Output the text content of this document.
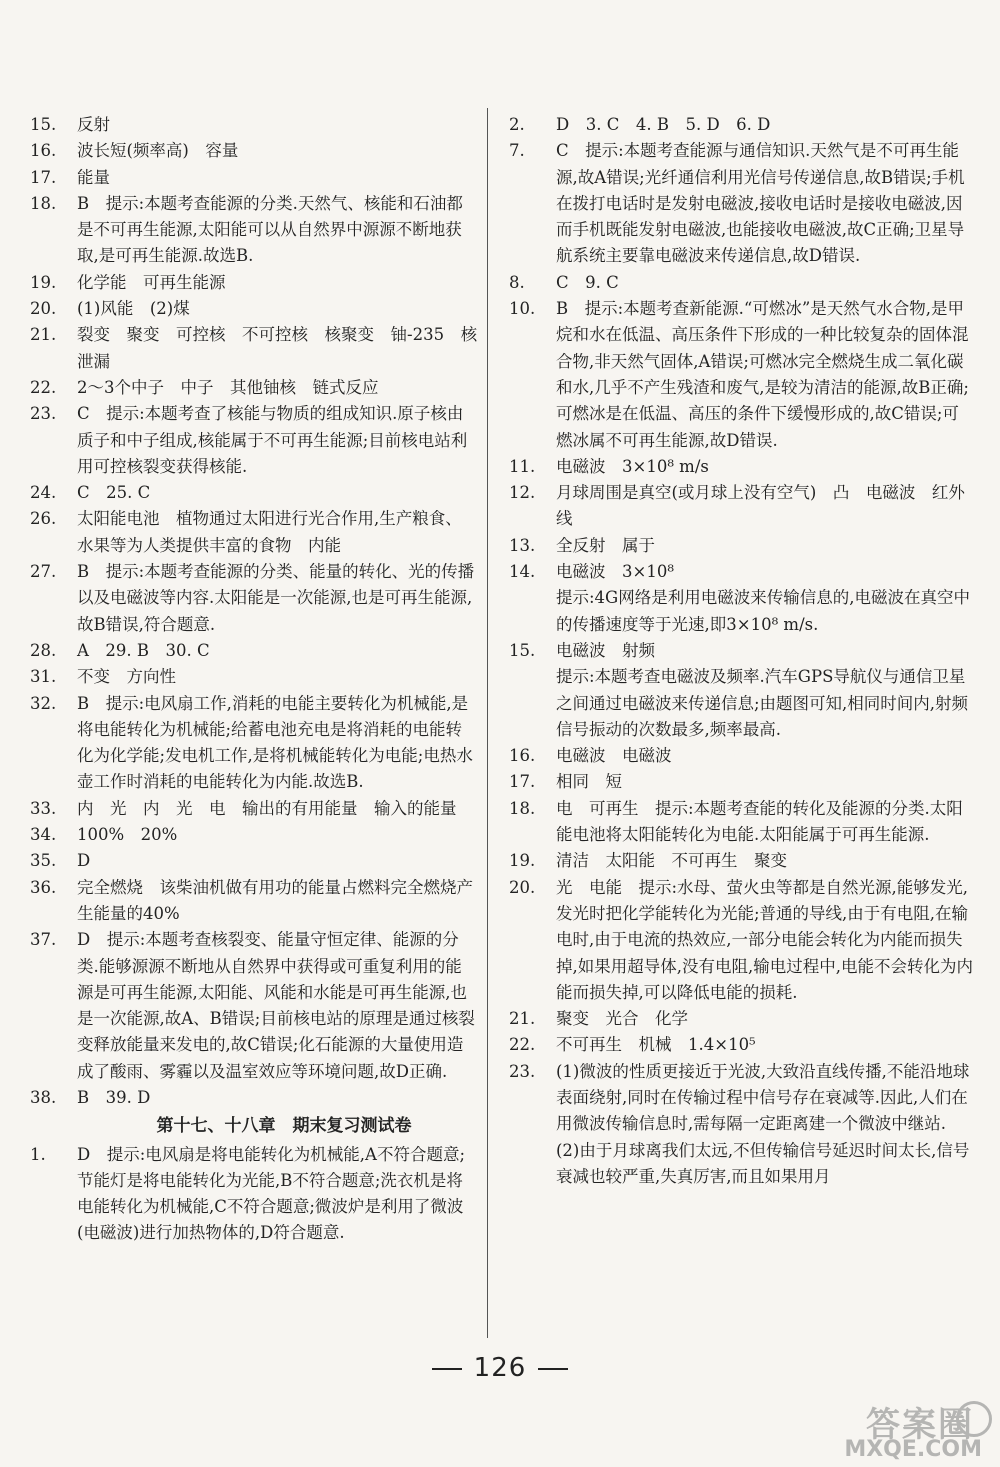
15. 反射
16. 波长短(频率高)　容量
17. 能量
18. B　提示:本题考查能源的分类.天然气、核能和石油都是不可再生能源,太阳能可以从自然界中源源不断地获取,是可再生能源.故选B.
19. 化学能　可再生能源
20. (1)风能　(2)煤
21. 裂变　聚变　可控核　不可控核　核聚变　铀-235　核泄漏
22. 2～3个中子　中子　其他铀核　链式反应
23. C　提示:本题考查了核能与物质的组成知识.原子核由质子和中子组成,核能属于不可再生能源;目前核电站利用可控核裂变获得核能.
24. C　25. C
26. 太阳能电池　植物通过太阳进行光合作用,生产粮食、水果等为人类提供丰富的食物　内能
27. B　提示:本题考查能源的分类、能量的转化、光的传播以及电磁波等内容.太阳能是一次能源,也是可再生能源,故B错误,符合题意.
28. A　29. B　30. C
31. 不变　方向性
32. B　提示:电风扇工作,消耗的电能主要转化为机械能,是将电能转化为机械能;给蓄电池充电是将消耗的电能转化为化学能;发电机工作,是将机械能转化为电能;电热水壶工作时消耗的电能转化为内能.故选B.
33. 内　光　内　光　电　输出的有用能量　输入的能量
34. 100%　20%
35. D
36. 完全燃烧　该柴油机做有用功的能量占燃料完全燃烧产生能量的40%
37. D　提示:本题考查核裂变、能量守恒定律、能源的分类.能够源源不断地从自然界中获得或可重复利用的能源是可再生能源,太阳能、风能和水能是可再生能源,也是一次能源,故A、B错误;目前核电站的原理是通过核裂变释放能量来发电的,故C错误;化石能源的大量使用造成了酸雨、雾霾以及温室效应等环境问题,故D正确.
38. B　39. D
第十七、十八章　期末复习测试卷
1. D　提示:电风扇是将电能转化为机械能,A不符合题意;节能灯是将电能转化为光能,B不符合题意;洗衣机是将电能转化为机械能,C不符合题意;微波炉是利用了微波(电磁波)进行加热物体的,D符合题意.
2. D　3. C　4. B　5. D　6. D
7. C　提示:本题考查能源与通信知识.天然气是不可再生能源,故A错误;光纤通信利用光信号传递信息,故B错误;手机在拨打电话时是发射电磁波,接收电话时是接收电磁波,因而手机既能发射电磁波,也能接收电磁波,故C正确;卫星导航系统主要靠电磁波来传递信息,故D错误.
8. C　9. C
10. B　提示:本题考查新能源.“可燃冰”是天然气水合物,是甲烷和水在低温、高压条件下形成的一种比较复杂的固体混合物,非天然气固体,A错误;可燃冰完全燃烧生成二氧化碳和水,几乎不产生残渣和废气,是较为清洁的能源,故B正确;可燃冰是在低温、高压的条件下缓慢形成的,故C错误;可燃冰属不可再生能源,故D错误.
11. 电磁波　3×10⁸ m/s
12. 月球周围是真空(或月球上没有空气)　凸　电磁波　红外线
13. 全反射　属于
14. 电磁波　3×10⁸
提示:4G网络是利用电磁波来传输信息的,电磁波在真空中的传播速度等于光速,即3×10⁸ m/s.
15. 电磁波　射频
提示:本题考查电磁波及频率.汽车GPS导航仪与通信卫星之间通过电磁波来传递信息;由题图可知,相同时间内,射频信号振动的次数最多,频率最高.
16. 电磁波　电磁波
17. 相同　短
18. 电　可再生　提示:本题考查能的转化及能源的分类.太阳能电池将太阳能转化为电能.太阳能属于可再生能源.
19. 清洁　太阳能　不可再生　聚变
20. 光　电能　提示:水母、萤火虫等都是自然光源,能够发光,发光时把化学能转化为光能;普通的导线,由于有电阻,在输电时,由于电流的热效应,一部分电能会转化为内能而损失掉,如果用超导体,没有电阻,输电过程中,电能不会转化为内能而损失掉,可以降低电能的损耗.
21. 聚变　光合　化学
22. 不可再生　机械　1.4×10⁵
23. (1)微波的性质更接近于光波,大致沿直线传播,不能沿地球表面绕射,同时在传输过程中信号存在衰减等.因此,人们在用微波传输信息时,需每隔一定距离建一个微波中继站.
(2)由于月球离我们太远,不但传输信号延迟时间太长,信号衰减也较严重,失真厉害,而且如果用月
126
答案圈
MXQE.COM
